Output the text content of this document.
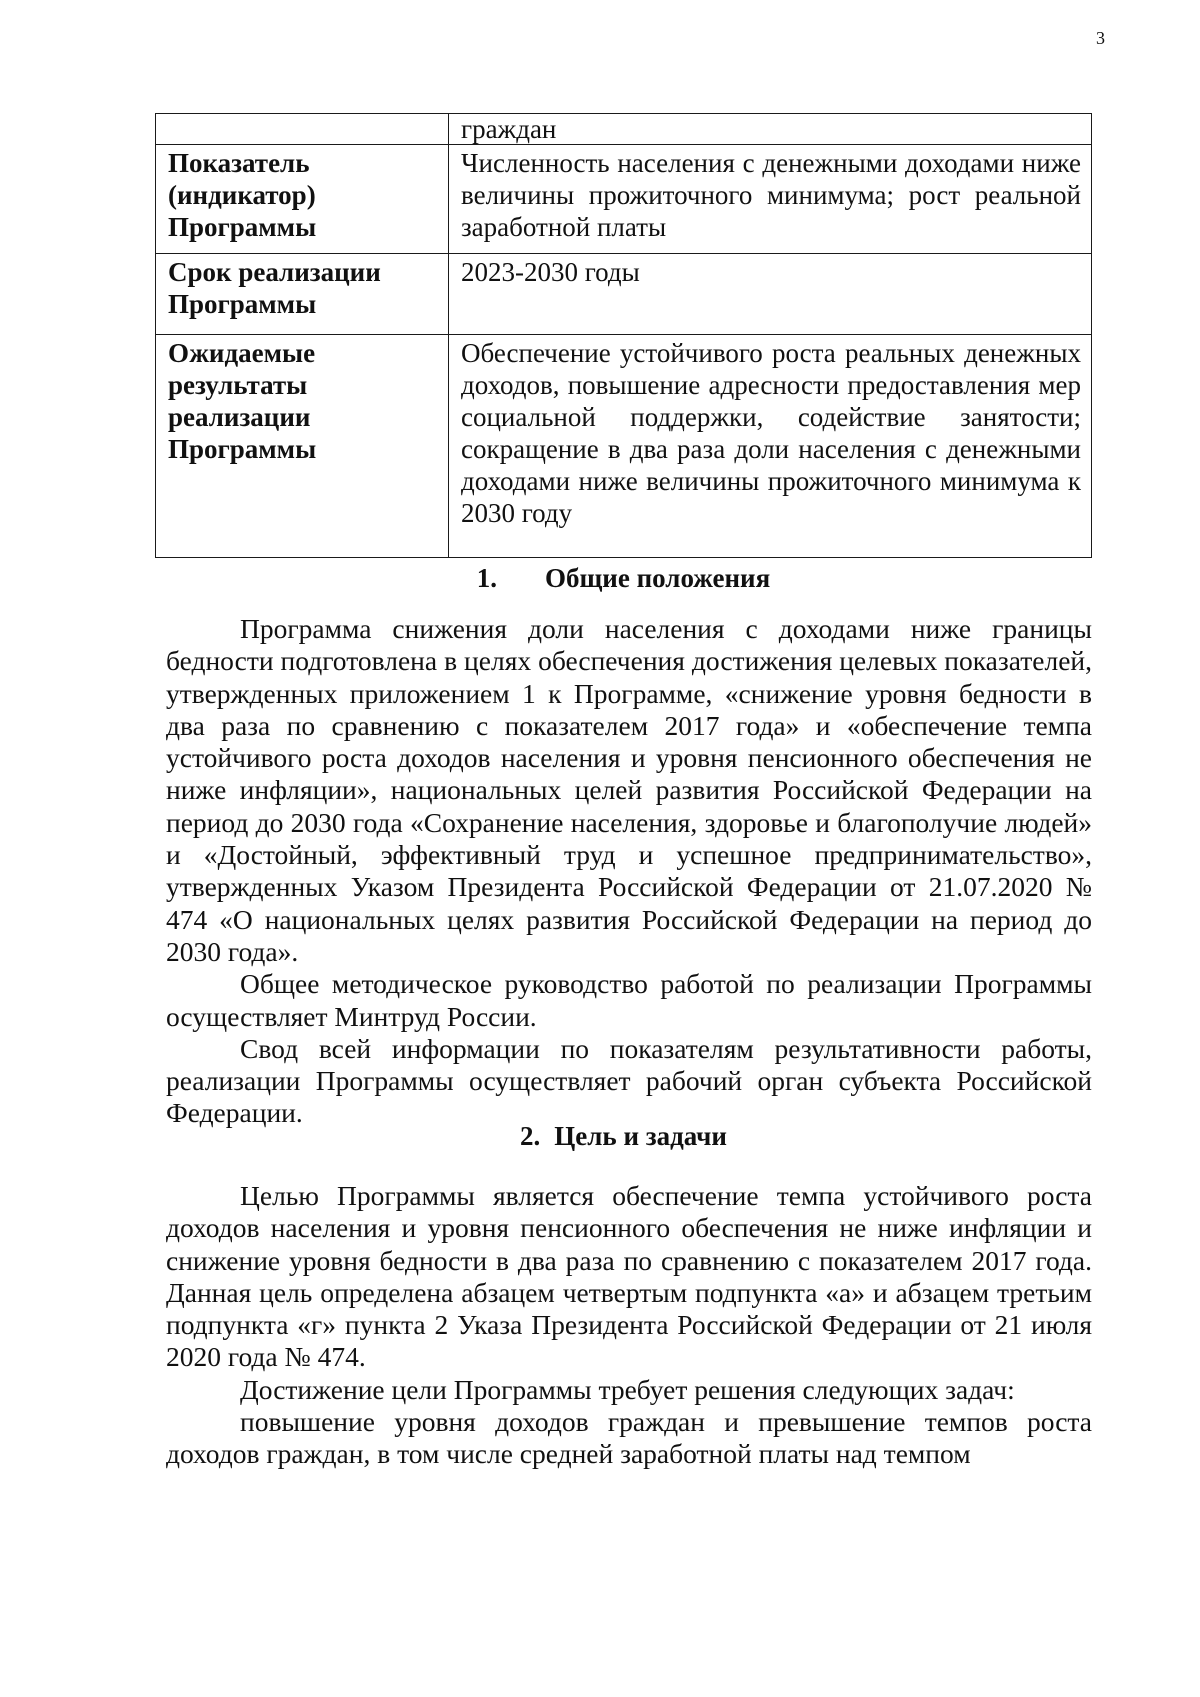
3
	граждан
Показатель (индикатор) Программы	Численность населения с денежными доходами ниже величины прожиточного минимума; рост реальной заработной платы
Срок реализации Программы	2023-2030 годы
Ожидаемые результаты реализации Программы	Обеспечение устойчивого роста реальных денежных доходов, повышение адресности предоставления мер социальной поддержки, содействие занятости; сокращение в два раза доли населения с денежными доходами ниже величины прожиточного минимума к 2030 году
1. Общие положения

Программа снижения доли населения с доходами ниже границы бедности подготовлена в целях обеспечения достижения целевых показателей, утвержденных приложением 1 к Программе, «снижение уровня бедности в два раза по сравнению с показателем 2017 года» и «обеспечение темпа устойчивого роста доходов населения и уровня пенсионного обеспечения не ниже инфляции», национальных целей развития Российской Федерации на период до 2030 года «Сохранение населения, здоровье и благополучие людей» и «Достойный, эффективный труд и успешное предпринимательство», утвержденных Указом Президента Российской Федерации от 21.07.2020 № 474 «О национальных целях развития Российской Федерации на период до 2030 года».

Общее методическое руководство работой по реализации Программы осуществляет Минтруд России.

Свод всей информации по показателям результативности работы, реализации Программы осуществляет рабочий орган субъекта Российской Федерации.

2. Цель и задачи

Целью Программы является обеспечение темпа устойчивого роста доходов населения и уровня пенсионного обеспечения не ниже инфляции и снижение уровня бедности в два раза по сравнению с показателем 2017 года. Данная цель определена абзацем четвертым подпункта «а» и абзацем третьим подпункта «г» пункта 2 Указа Президента Российской Федерации от 21 июля 2020 года № 474.

Достижение цели Программы требует решения следующих задач:

повышение уровня доходов граждан и превышение темпов роста доходов граждан, в том числе средней заработной платы над темпом
